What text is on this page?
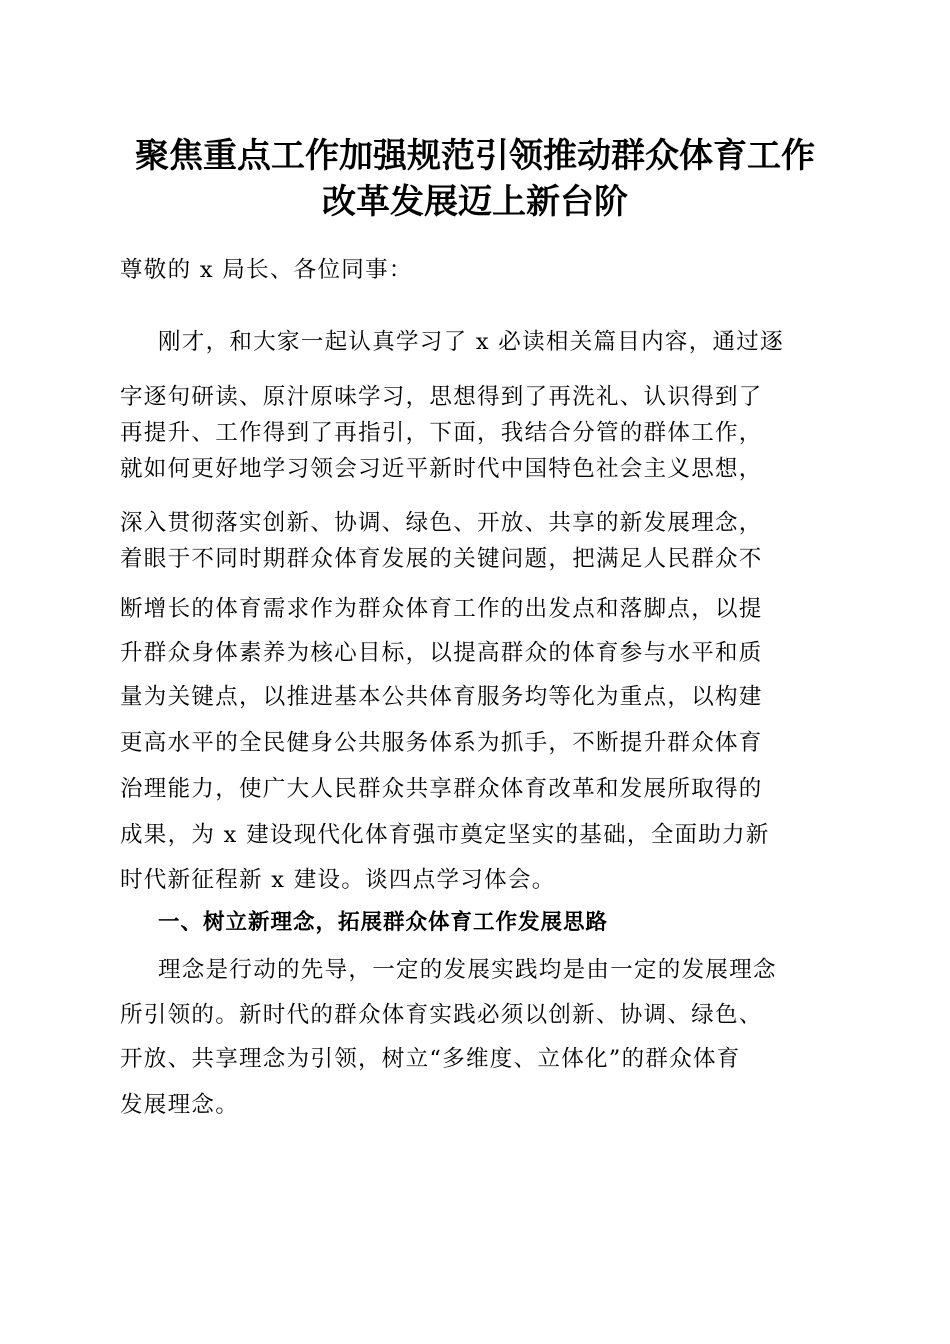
聚焦重点工作加强规范引领推动群众体育工作
改革发展迈上新台阶
尊敬的 x 局长、各位同事：
刚才，和大家一起认真学习了 x 必读相关篇目内容，通过逐
字逐句研读、原汁原味学习，思想得到了再洗礼、认识得到了
再提升、工作得到了再指引，下面，我结合分管的群体工作，
就如何更好地学习领会习近平新时代中国特色社会主义思想，
深入贯彻落实创新、协调、绿色、开放、共享的新发展理念，
着眼于不同时期群众体育发展的关键问题，把满足人民群众不
断增长的体育需求作为群众体育工作的出发点和落脚点，以提
升群众身体素养为核心目标，以提高群众的体育参与水平和质
量为关键点，以推进基本公共体育服务均等化为重点，以构建
更高水平的全民健身公共服务体系为抓手，不断提升群众体育
治理能力，使广大人民群众共享群众体育改革和发展所取得的
成果，为 x 建设现代化体育强市奠定坚实的基础，全面助力新
时代新征程新 x 建设。谈四点学习体会。
一、树立新理念，拓展群众体育工作发展思路
理念是行动的先导，一定的发展实践均是由一定的发展理念
所引领的。新时代的群众体育实践必须以创新、协调、绿色、
开放、共享理念为引领，树立“多维度、立体化”的群众体育
发展理念。
